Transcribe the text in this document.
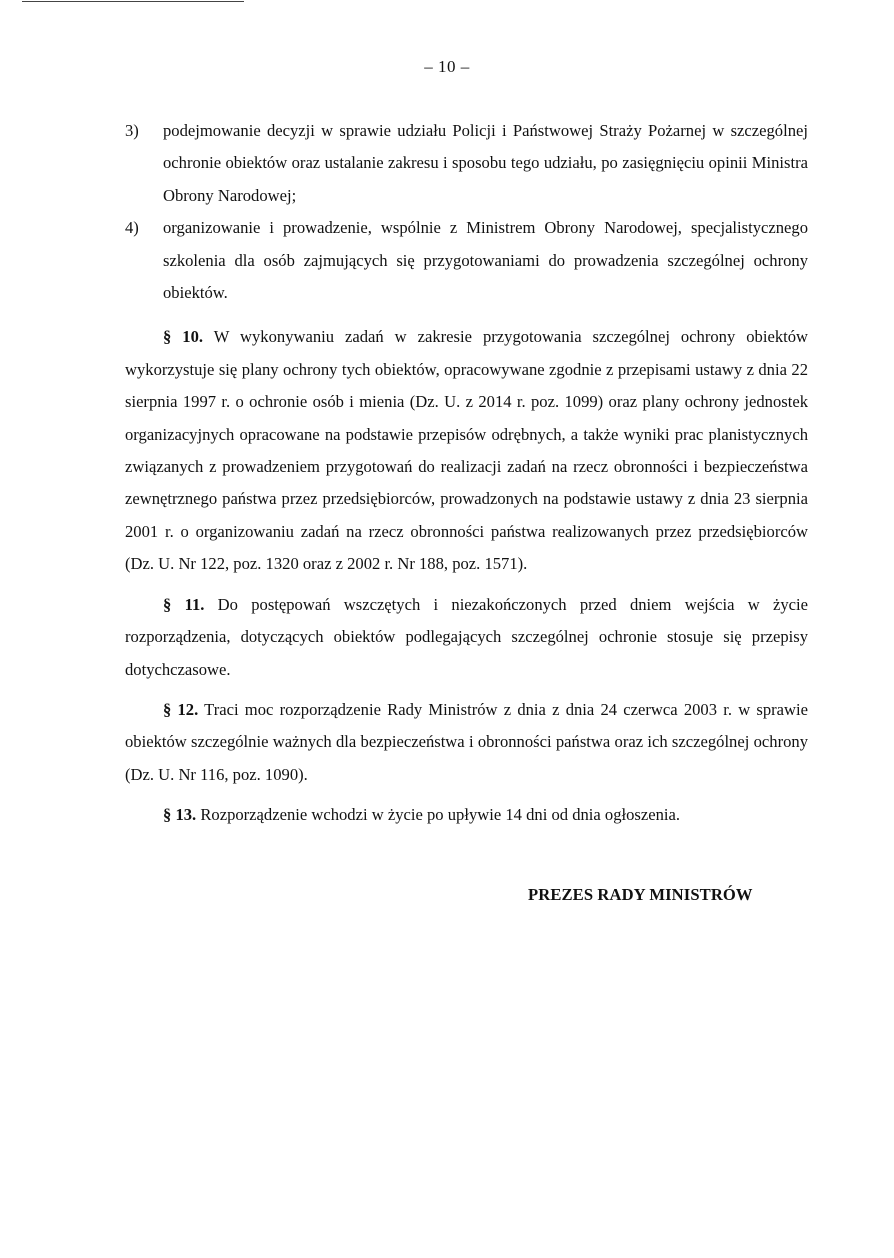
– 10 –
3) podejmowanie decyzji w sprawie udziału Policji i Państwowej Straży Pożarnej w szczególnej ochronie obiektów oraz ustalanie zakresu i sposobu tego udziału, po zasięgnięciu opinii Ministra Obrony Narodowej;
4) organizowanie i prowadzenie, wspólnie z Ministrem Obrony Narodowej, specjalistycznego szkolenia dla osób zajmujących się przygotowaniami do prowadzenia szczególnej ochrony obiektów.

§ 10. W wykonywaniu zadań w zakresie przygotowania szczególnej ochrony obiektów wykorzystuje się plany ochrony tych obiektów, opracowywane zgodnie z przepisami ustawy z dnia 22 sierpnia 1997 r. o ochronie osób i mienia (Dz. U. z 2014 r. poz. 1099) oraz plany ochrony jednostek organizacyjnych opracowane na podstawie przepisów odrębnych, a także wyniki prac planistycznych związanych z prowadzeniem przygotowań do realizacji zadań na rzecz obronności i bezpieczeństwa zewnętrznego państwa przez przedsiębiorców, prowadzonych na podstawie ustawy z dnia 23 sierpnia 2001 r. o organizowaniu zadań na rzecz obronności państwa realizowanych przez przedsiębiorców (Dz. U. Nr 122, poz. 1320 oraz z 2002 r. Nr 188, poz. 1571).

§ 11. Do postępowań wszczętych i niezakończonych przed dniem wejścia w życie rozporządzenia, dotyczących obiektów podlegających szczególnej ochronie stosuje się przepisy dotychczasowe.

§ 12. Traci moc rozporządzenie Rady Ministrów z dnia z dnia 24 czerwca 2003 r. w sprawie obiektów szczególnie ważnych dla bezpieczeństwa i obronności państwa oraz ich szczególnej ochrony (Dz. U. Nr 116, poz. 1090).

§ 13. Rozporządzenie wchodzi w życie po upływie 14 dni od dnia ogłoszenia.

PREZES RADY MINISTRÓW
